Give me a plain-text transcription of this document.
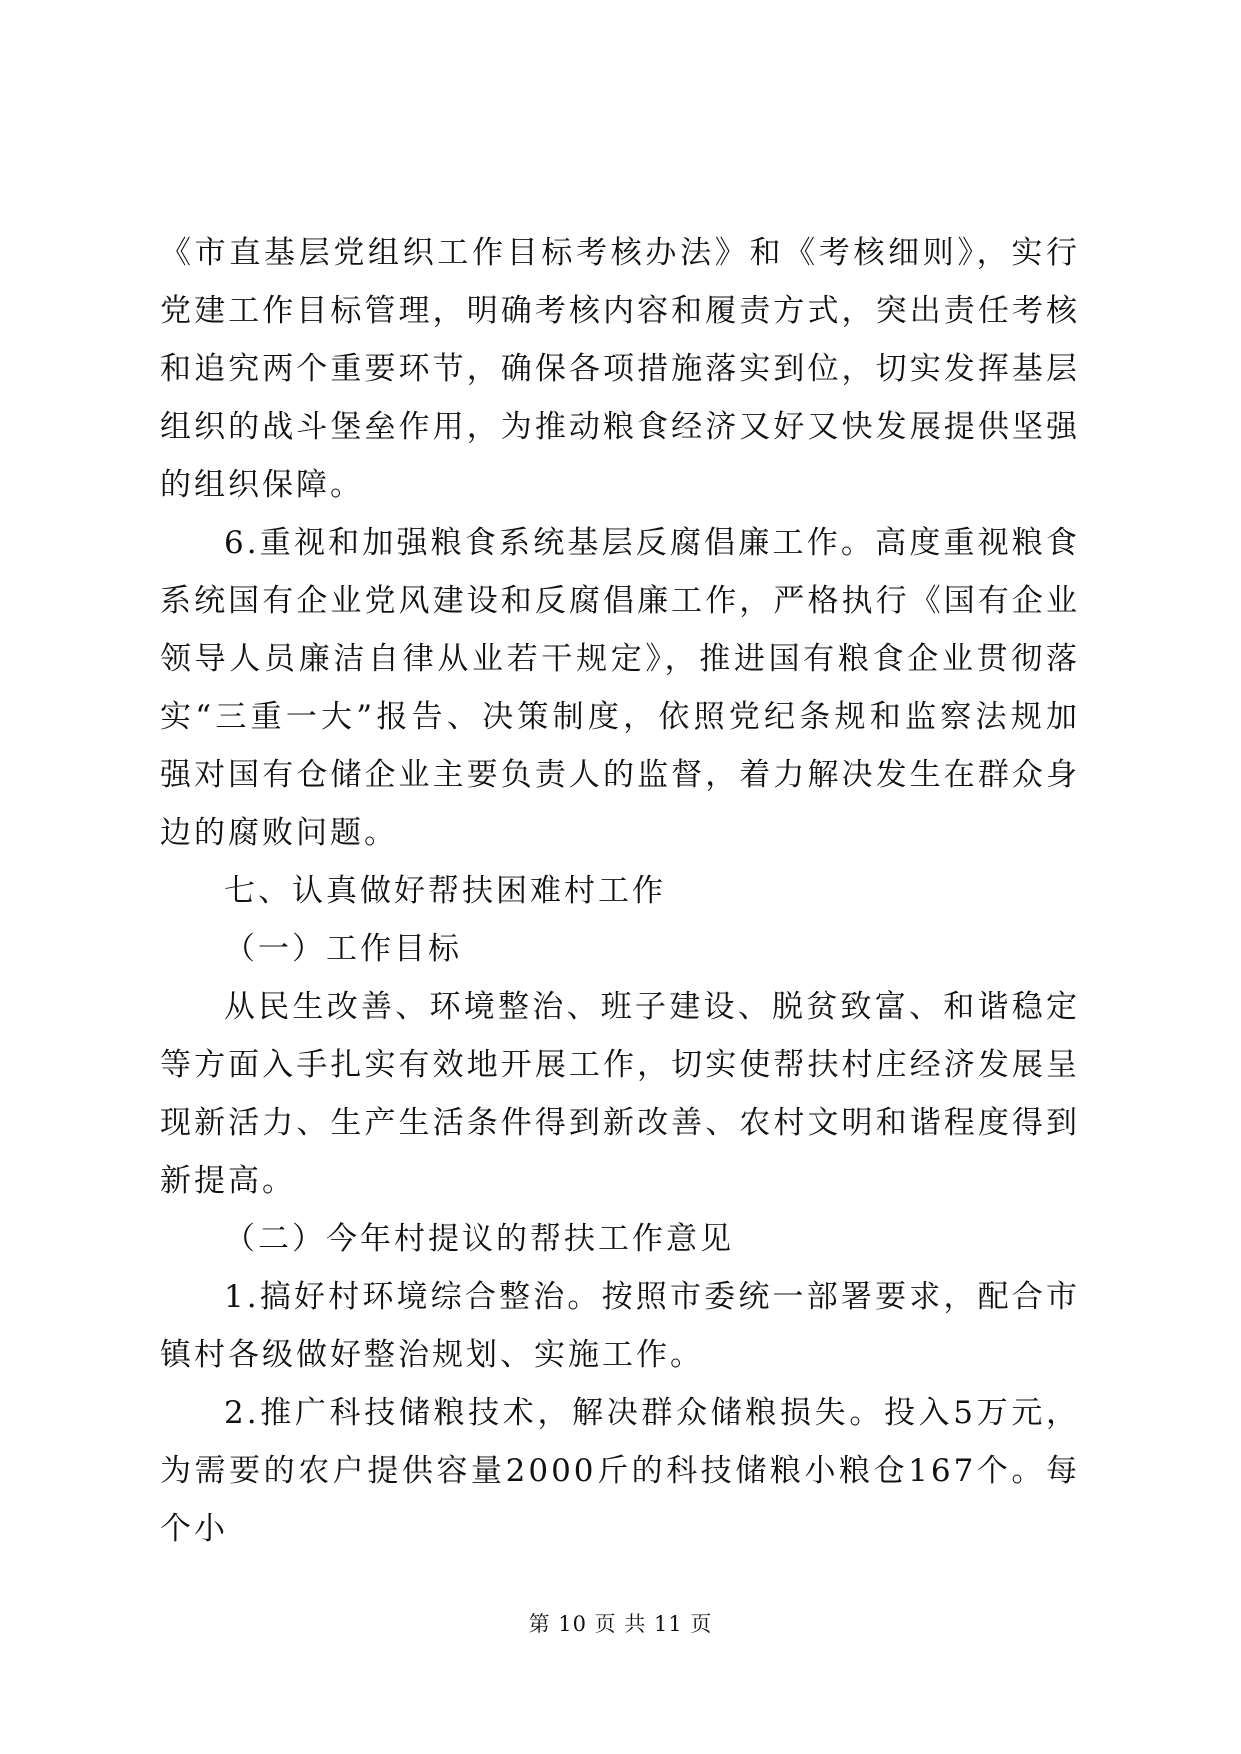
《市直基层党组织工作目标考核办法》和《考核细则》，实行党建工作目标管理，明确考核内容和履责方式，突出责任考核和追究两个重要环节，确保各项措施落实到位，切实发挥基层组织的战斗堡垒作用，为推动粮食经济又好又快发展提供坚强的组织保障。

6.重视和加强粮食系统基层反腐倡廉工作。高度重视粮食系统国有企业党风建设和反腐倡廉工作，严格执行《国有企业领导人员廉洁自律从业若干规定》，推进国有粮食企业贯彻落实“三重一大”报告、决策制度，依照党纪条规和监察法规加强对国有仓储企业主要负责人的监督，着力解决发生在群众身边的腐败问题。

七、认真做好帮扶困难村工作

（一）工作目标

从民生改善、环境整治、班子建设、脱贫致富、和谐稳定等方面入手扎实有效地开展工作，切实使帮扶村庄经济发展呈现新活力、生产生活条件得到新改善、农村文明和谐程度得到新提高。

（二）今年村提议的帮扶工作意见

1.搞好村环境综合整治。按照市委统一部署要求，配合市镇村各级做好整治规划、实施工作。

2.推广科技储粮技术，解决群众储粮损失。投入5万元，为需要的农户提供容量2000斤的科技储粮小粮仓167个。每个小

第 10 页 共 11 页
